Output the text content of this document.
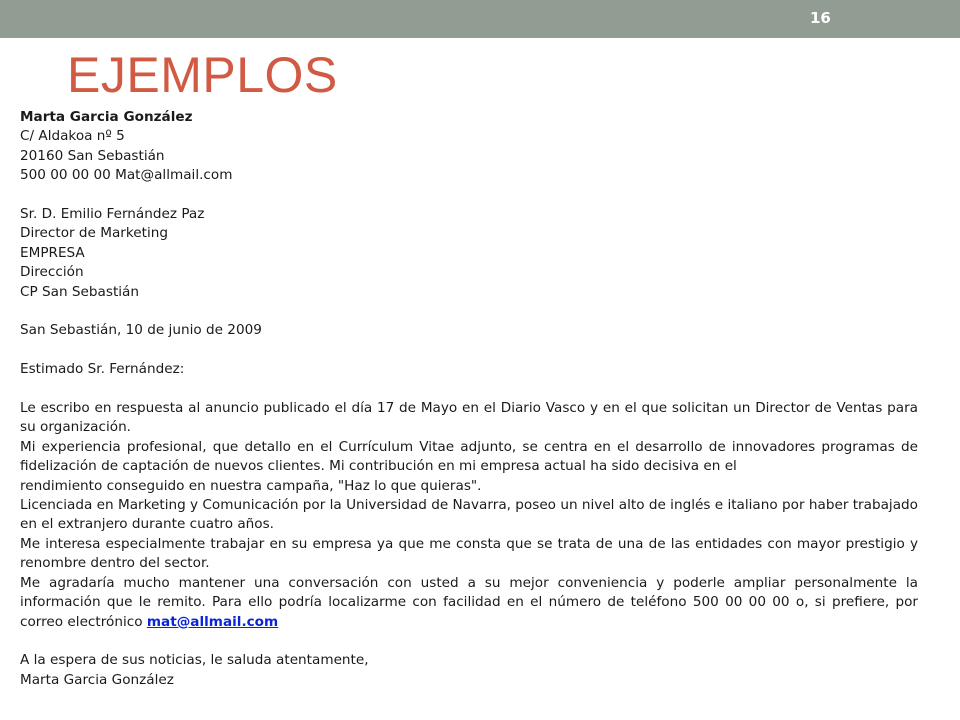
16
EJEMPLOS
Marta Garcia González
C/ Aldakoa nº 5
20160 San Sebastián
500 00 00 00 Mat@allmail.com
Sr. D. Emilio Fernández Paz
Director de Marketing
EMPRESA
Dirección
CP San Sebastián
San Sebastián, 10 de junio de 2009
Estimado Sr. Fernández:
Le escribo en respuesta al anuncio publicado el día 17 de Mayo en el Diario Vasco y en el que solicitan un Director de Ventas para su organización.
Mi experiencia profesional, que detallo en el Currículum Vitae adjunto, se centra en el desarrollo de innovadores programas de fidelización de captación de nuevos clientes. Mi contribución en mi empresa actual ha sido decisiva en el
rendimiento conseguido en nuestra campaña, "Haz lo que quieras".
Licenciada en Marketing y Comunicación por la Universidad de Navarra, poseo un nivel alto de inglés e italiano por haber trabajado en el extranjero durante cuatro años.
Me interesa especialmente trabajar en su empresa ya que me consta que se trata de una de las entidades con mayor prestigio y renombre dentro del sector.
Me agradaría mucho mantener una conversación con usted a su mejor conveniencia y poderle ampliar personalmente la información que le remito. Para ello podría localizarme con facilidad en el número de teléfono 500 00 00 00 o, si prefiere, por correo electrónico mat@allmail.com
A la espera de sus noticias, le saluda atentamente,
Marta Garcia González
